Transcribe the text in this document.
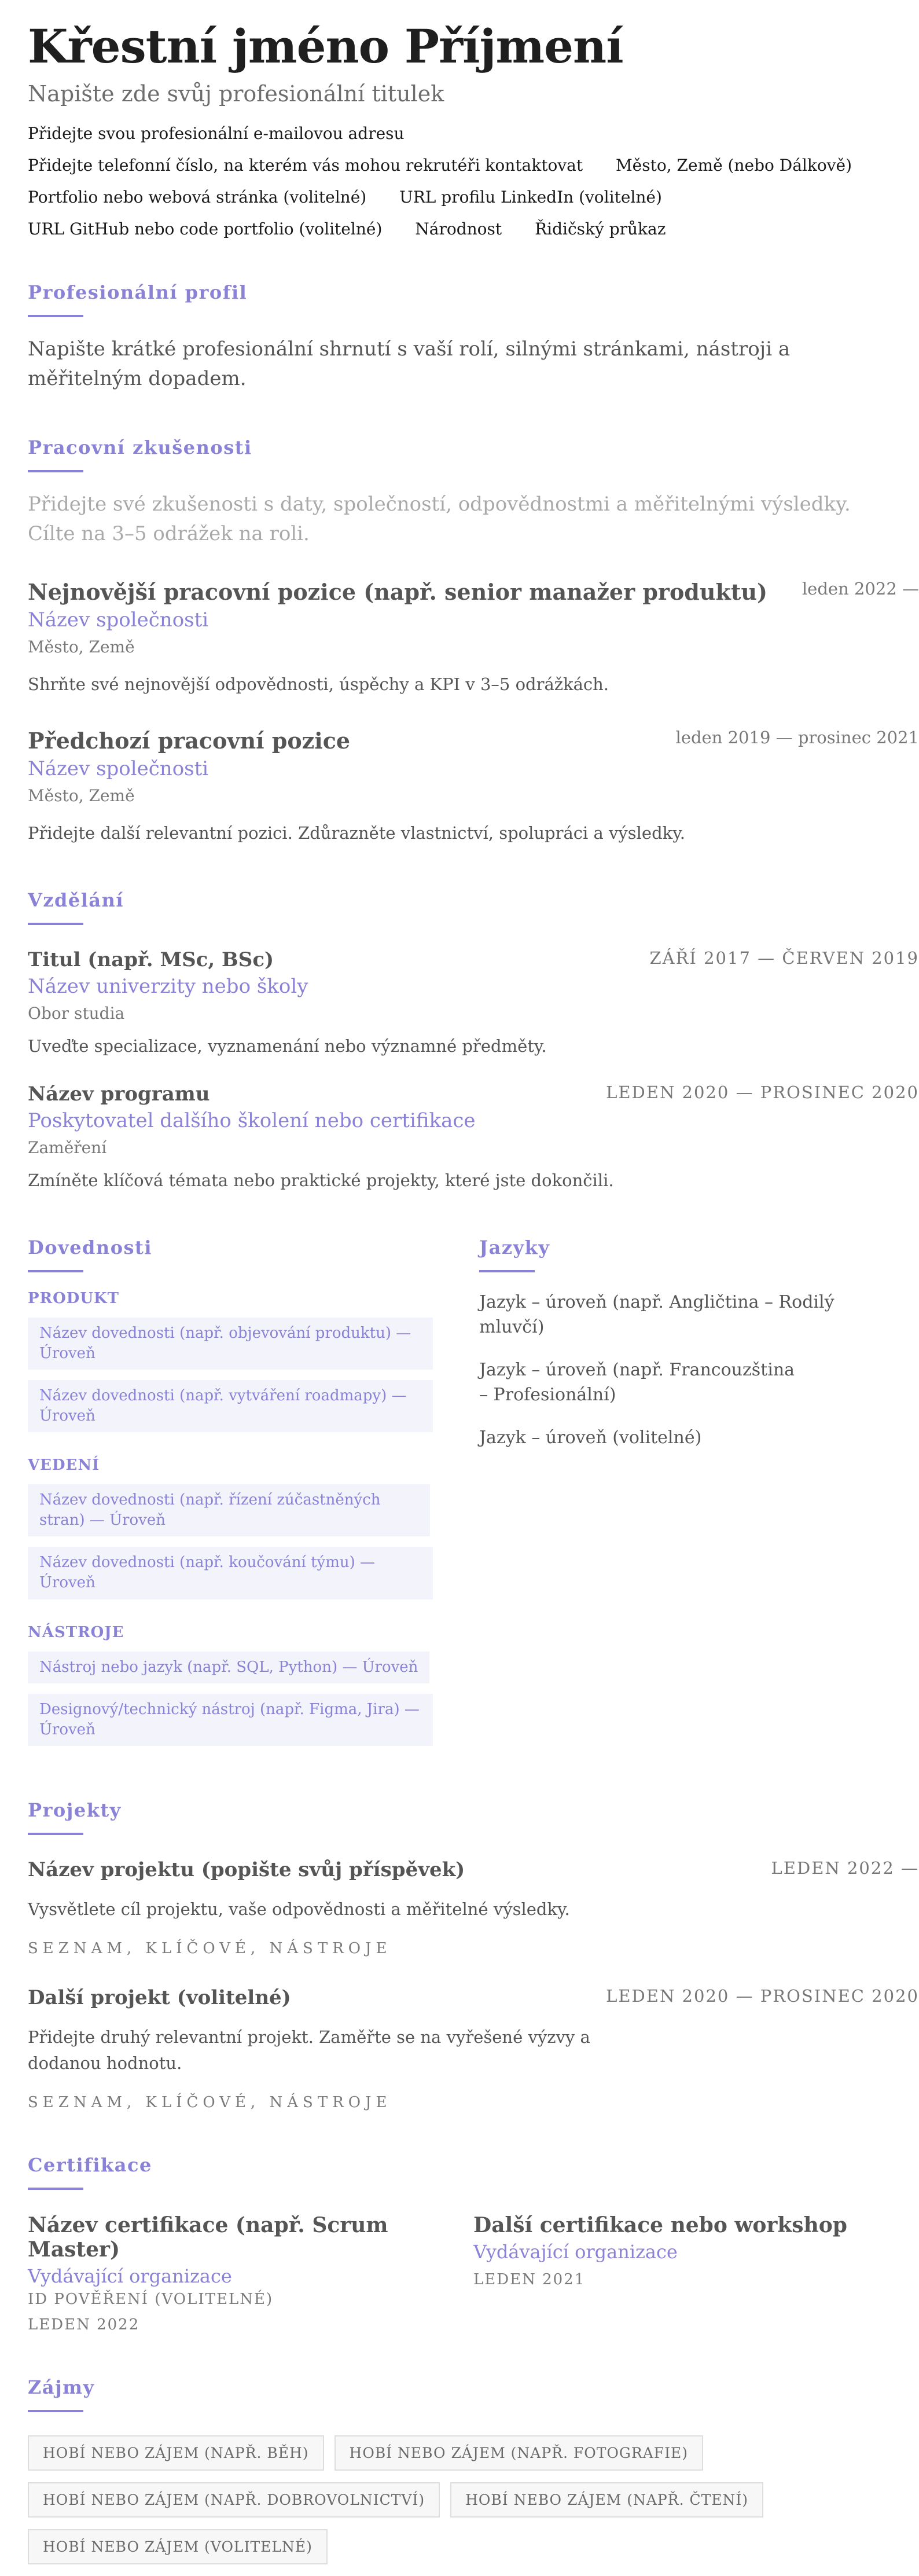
Křestní jméno Příjmení
Napište zde svůj profesionální titulek
Přidejte svou profesionální e-mailovou adresu
Přidejte telefonní číslo, na kterém vás mohou rekrutéři kontaktovat Město, Země (nebo Dálkově)
Portfolio nebo webová stránka (volitelné) URL profilu LinkedIn (volitelné)
URL GitHub nebo code portfolio (volitelné) Národnost Řidičský průkaz
Profesionální profil
Napište krátké profesionální shrnutí s vaší rolí, silnými stránkami, nástroji a měřitelným dopadem.
Pracovní zkušenosti
Přidejte své zkušenosti s daty, společností, odpovědnostmi a měřitelnými výsledky. Cílte na 3–5 odrážek na roli.
Nejnovější pracovní pozice (např. senior manažer produktu) leden 2022 —
Název společnosti
Město, Země
Shrňte své nejnovější odpovědnosti, úspěchy a KPI v 3–5 odrážkách.
Předchozí pracovní pozice	leden 2019 — prosinec 2021
Název společnosti
Město, Země
Přidejte další relevantní pozici. Zdůrazněte vlastnictví, spolupráci a výsledky.
Vzdělání
Titul (např. MSc, BSc)	ZÁŘÍ 2017 — ČERVEN 2019
Název univerzity nebo školy
Obor studia
Uveďte specializace, vyznamenání nebo významné předměty.
Název programu	LEDEN 2020 — PROSINEC 2020
Poskytovatel dalšího školení nebo certifikace
Zaměření
Zmíněte klíčová témata nebo praktické projekty, které jste dokončili.
Dovednosti
PRODUKT
Název dovednosti (např. objevování produktu) — Úroveň
Název dovednosti (např. vytváření roadmapy) — Úroveň
VEDENÍ
Název dovednosti (např. řízení zúčastněných stran) — Úroveň
Název dovednosti (např. koučování týmu) — Úroveň
NÁSTROJE
Nástroj nebo jazyk (např. SQL, Python) — Úroveň
Designový/technický nástroj (např. Figma, Jira) — Úroveň
Jazyky
Jazyk – úroveň (např. Angličtina – Rodilý mluvčí)
Jazyk – úroveň (např. Francouzština – Profesionální)
Jazyk – úroveň (volitelné)
Projekty
Název projektu (popište svůj příspěvek)	LEDEN 2022 —
Vysvětlete cíl projektu, vaše odpovědnosti a měřitelné výsledky.
SEZNAM, KLÍČOVÉ, NÁSTROJE
Další projekt (volitelné)	LEDEN 2020 — PROSINEC 2020
Přidejte druhý relevantní projekt. Zaměřte se na vyřešené výzvy a dodanou hodnotu.
SEZNAM, KLÍČOVÉ, NÁSTROJE
Certifikace
Název certifikace (např. Scrum Master)
Vydávající organizace
ID POVĚŘENÍ (VOLITELNÉ)
LEDEN 2022
Další certifikace nebo workshop
Vydávající organizace
LEDEN 2021
Zájmy
HOBÍ NEBO ZÁJEM (NAPŘ. BĚH)	HOBÍ NEBO ZÁJEM (NAPŘ. FOTOGRAFIE)
HOBÍ NEBO ZÁJEM (NAPŘ. DOBROVOLNICTVÍ)	HOBÍ NEBO ZÁJEM (NAPŘ. ČTENÍ)
HOBÍ NEBO ZÁJEM (VOLITELNÉ)
